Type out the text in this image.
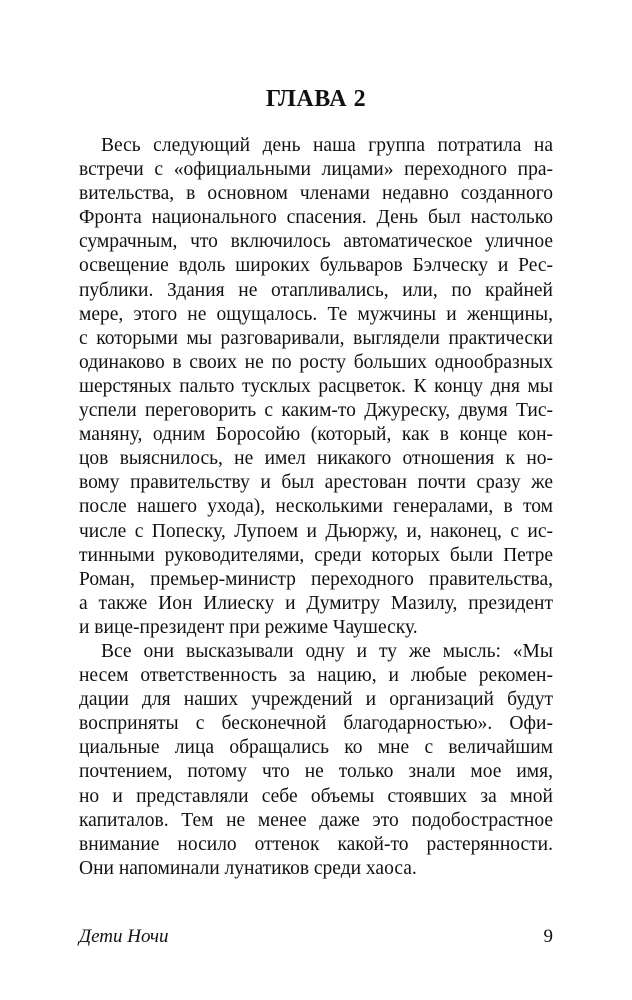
ГЛАВА 2
Весь следующий день наша группа потратила на
встречи с «официальными лицами» переходного пра-
вительства, в основном членами недавно созданного
Фронта национального спасения. День был настолько
сумрачным, что включилось автоматическое уличное
освещение вдоль широких бульваров Бэлческу и Рес-
публики. Здания не отапливались, или, по крайней
мере, этого не ощущалось. Те мужчины и женщины,
с которыми мы разговаривали, выглядели практически
одинаково в своих не по росту больших однообразных
шерстяных пальто тусклых расцветок. К концу дня мы
успели переговорить с каким-то Джуреску, двумя Тис-
маняну, одним Боросойю (который, как в конце кон-
цов выяснилось, не имел никакого отношения к но-
вому правительству и был арестован почти сразу же
после нашего ухода), несколькими генералами, в том
числе с Попеску, Лупоем и Дьюржу, и, наконец, с ис-
тинными руководителями, среди которых были Петре
Роман, премьер-министр переходного правительства,
а также Ион Илиеску и Думитру Мазилу, президент
и вице-президент при режиме Чаушеску.
Все они высказывали одну и ту же мысль: «Мы
несем ответственность за нацию, и любые рекомен-
дации для наших учреждений и организаций будут
восприняты с бесконечной благодарностью». Офи-
циальные лица обращались ко мне с величайшим
почтением, потому что не только знали мое имя,
но и представляли себе объемы стоявших за мной
капиталов. Тем не менее даже это подобострастное
внимание носило оттенок какой-то растерянности.
Они напоминали лунатиков среди хаоса.
Дети Ночи	9
